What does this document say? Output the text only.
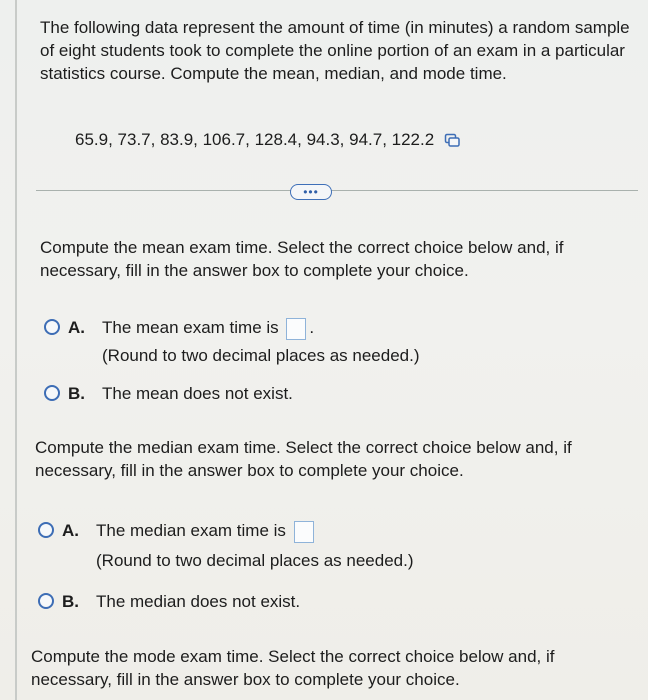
The following data represent the amount of time (in minutes) a random sample of eight students took to complete the online portion of an exam in a particular statistics course. Compute the mean, median, and mode time.
65.9, 73.7, 83.9, 106.7, 128.4, 94.3, 94.7, 122.2
•••
Compute the mean exam time. Select the correct choice below and, if necessary, fill in the answer box to complete your choice.
A.	The mean exam time is .
(Round to two decimal places as needed.)
B.	The mean does not exist.
Compute the median exam time. Select the correct choice below and, if necessary, fill in the answer box to complete your choice.
A.	The median exam time is
(Round to two decimal places as needed.)
B.	The median does not exist.
Compute the mode exam time. Select the correct choice below and, if necessary, fill in the answer box to complete your choice.
